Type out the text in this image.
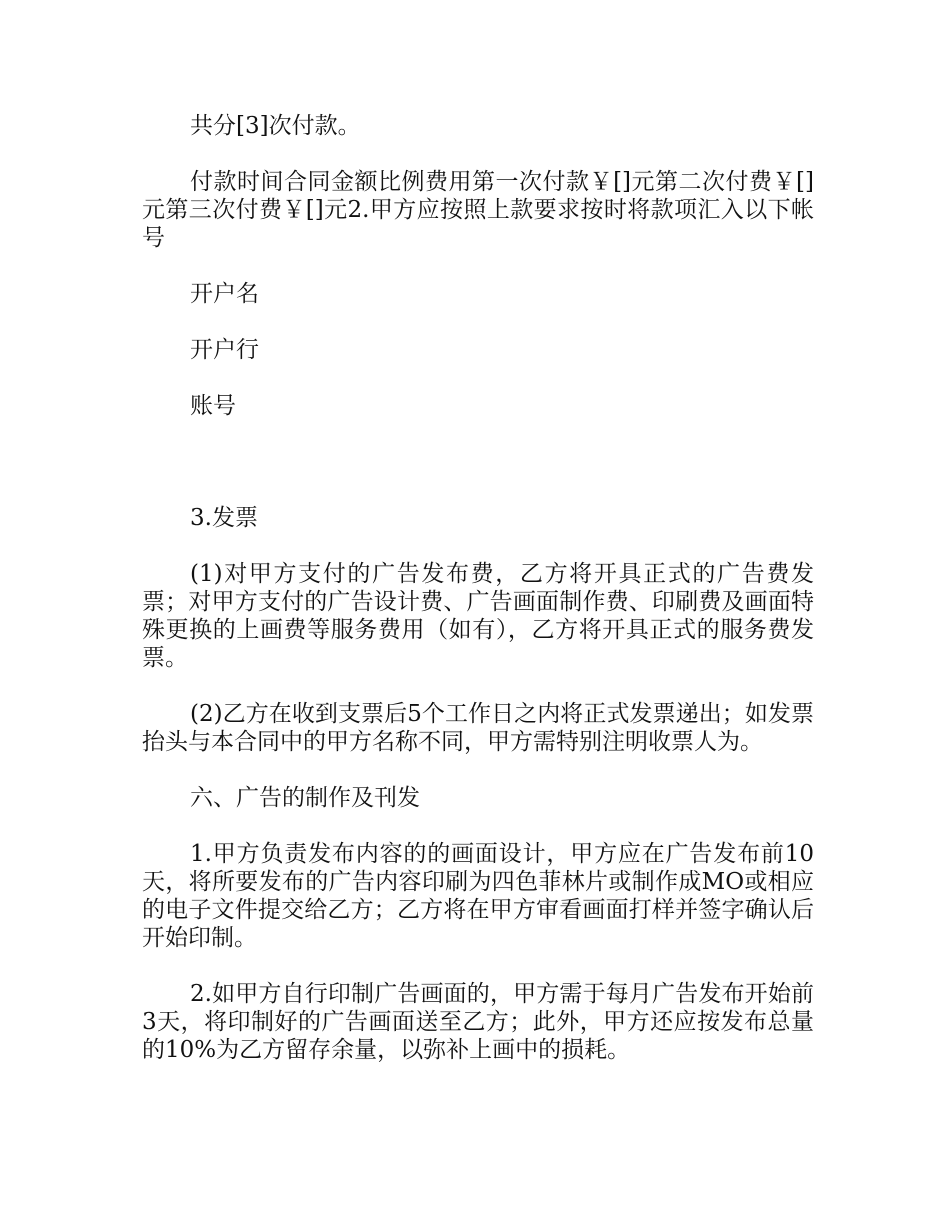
共分[3]次付款。

付款时间合同金额比例费用第一次付款￥[]元第二次付费￥[]元第三次付费￥[]元2.甲方应按照上款要求按时将款项汇入以下帐号

开户名

开户行

账号

3.发票

(1)对甲方支付的广告发布费，乙方将开具正式的广告费发票；对甲方支付的广告设计费、广告画面制作费、印刷费及画面特殊更换的上画费等服务费用（如有），乙方将开具正式的服务费发票。

(2)乙方在收到支票后5个工作日之内将正式发票递出；如发票抬头与本合同中的甲方名称不同，甲方需特别注明收票人为。

六、广告的制作及刊发

1.甲方负责发布内容的的画面设计，甲方应在广告发布前10天，将所要发布的广告内容印刷为四色菲林片或制作成MO或相应的电子文件提交给乙方；乙方将在甲方审看画面打样并签字确认后开始印制。

2.如甲方自行印制广告画面的，甲方需于每月广告发布开始前3天，将印制好的广告画面送至乙方；此外，甲方还应按发布总量的10%为乙方留存余量，以弥补上画中的损耗。
